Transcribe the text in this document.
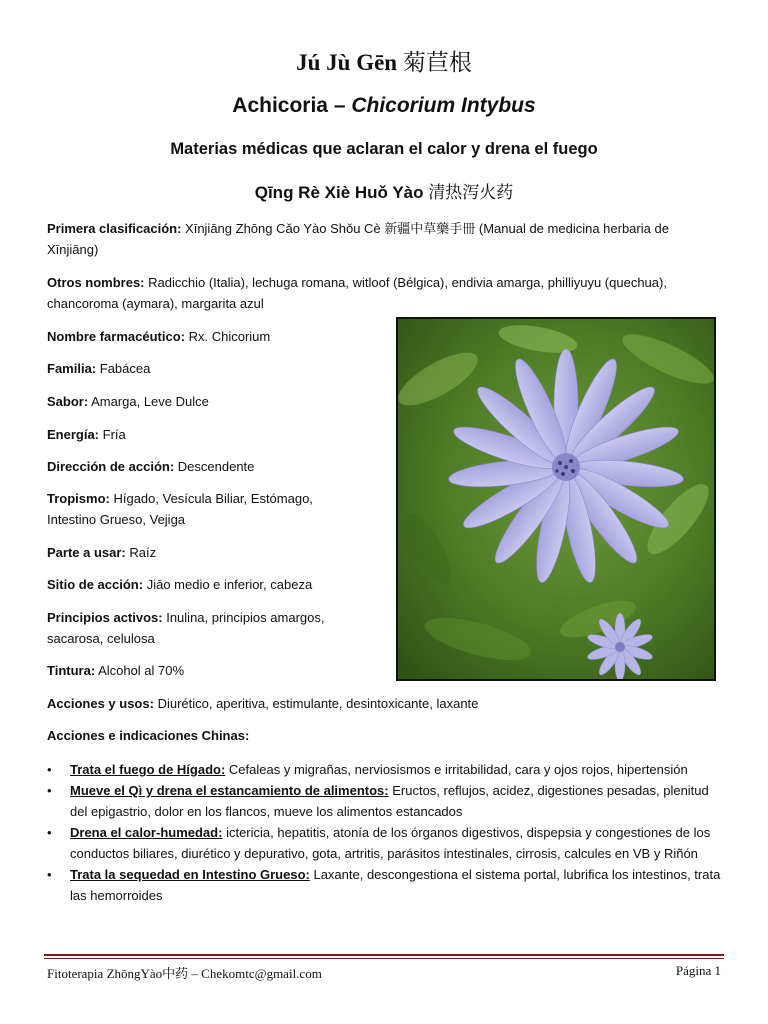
Jú Jù Gēn 菊苣根
Achicoria – Chicorium Intybus
Materias médicas que aclaran el calor y drena el fuego
Qīng Rè Xiè Huǒ Yào 清热泻火药
Primera clasificación: Xīnjiāng Zhōng Cǎo Yào Shǒu Cè 新疆中草藥手冊 (Manual de medicina herbaria de Xīnjiāng)
Otros nombres: Radicchio (Italia), lechuga romana, witloof (Bélgica), endivia amarga, philliyuyu (quechua), chancoroma (aymara), margarita azul
Nombre farmacéutico: Rx. Chicorium
Familia: Fabácea
Sabor: Amarga, Leve Dulce
Energía: Fría
Dirección de acción: Descendente
Tropismo: Hígado, Vesícula Biliar, Estómago, Intestino Grueso, Vejiga
Parte a usar: Raíz
Sitio de acción: Jiāo medio e inferior, cabeza
Principios activos: Inulina, principios amargos, sacarosa, celulosa
Tintura: Alcohol al 70%
Acciones y usos: Diurético, aperitiva, estimulante, desintoxicante, laxante
Acciones e indicaciones Chinas:
• Trata el fuego de Hígado: Cefaleas y migrañas, nerviosismos e irritabilidad, cara y ojos rojos, hipertensión
• Mueve el Qì y drena el estancamiento de alimentos: Eructos, reflujos, acidez, digestiones pesadas, plenitud del epigastrio, dolor en los flancos, mueve los alimentos estancados
• Drena el calor-humedad: ictericia, hepatitis, atonía de los órganos digestivos, dispepsia y congestiones de los conductos biliares, diurético y depurativo, gota, artritis, parásitos intestinales, cirrosis, calcules en VB y Riñón
• Trata la sequedad en Intestino Grueso: Laxante, descongestiona el sistema portal, lubrifica los intestinos, trata las hemorroides
Fitoterapia ZhōngYào中药 – Chekomtc@gmail.com	Página 1
